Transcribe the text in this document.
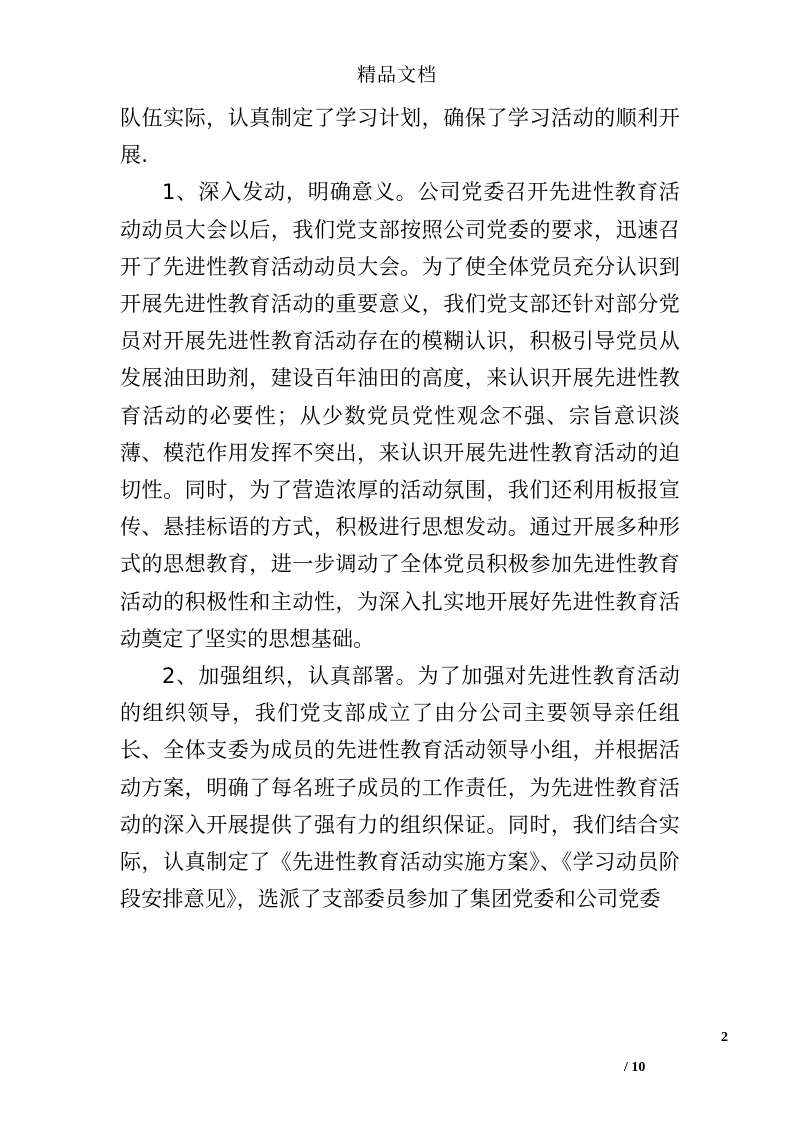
精品文档

队伍实际，认真制定了学习计划，确保了学习活动的顺利开展.

1、深入发动，明确意义。公司党委召开先进性教育活动动员大会以后，我们党支部按照公司党委的要求，迅速召开了先进性教育活动动员大会。为了使全体党员充分认识到开展先进性教育活动的重要意义，我们党支部还针对部分党员对开展先进性教育活动存在的模糊认识，积极引导党员从发展油田助剂，建设百年油田的高度，来认识开展先进性教育活动的必要性；从少数党员党性观念不强、宗旨意识淡薄、模范作用发挥不突出，来认识开展先进性教育活动的迫切性。同时，为了营造浓厚的活动氛围，我们还利用板报宣传、悬挂标语的方式，积极进行思想发动。通过开展多种形式的思想教育，进一步调动了全体党员积极参加先进性教育活动的积极性和主动性，为深入扎实地开展好先进性教育活动奠定了坚实的思想基础。

2、加强组织，认真部署。为了加强对先进性教育活动的组织领导，我们党支部成立了由分公司主要领导亲任组长、全体支委为成员的先进性教育活动领导小组，并根据活动方案，明确了每名班子成员的工作责任，为先进性教育活动的深入开展提供了强有力的组织保证。同时，我们结合实际，认真制定了《先进性教育活动实施方案》、《学习动员阶段安排意见》，选派了支部委员参加了集团党委和公司党委

2
/ 10
